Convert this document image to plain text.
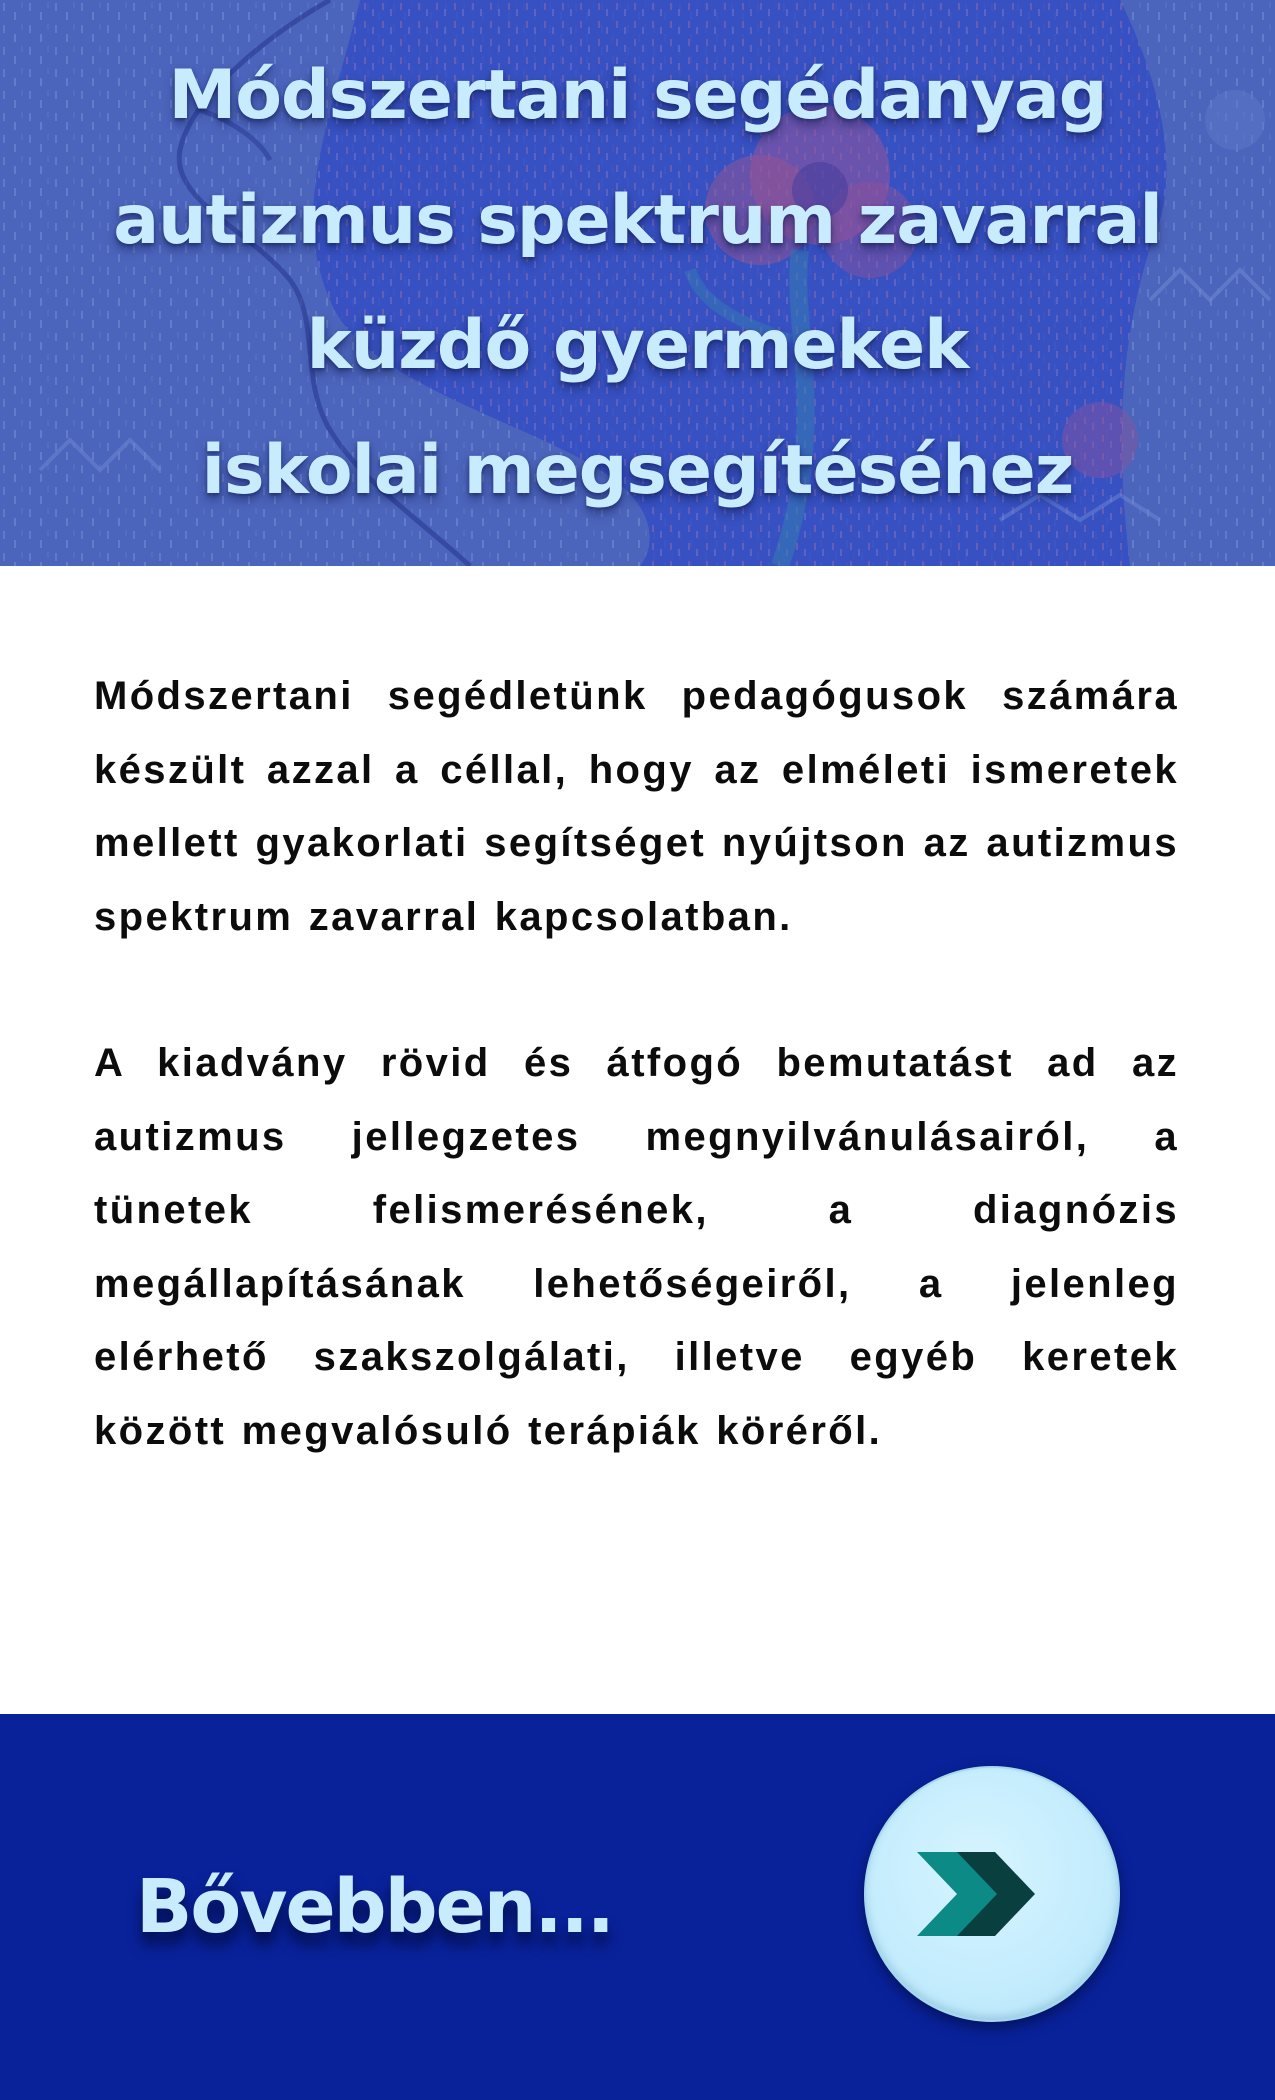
Módszertani segédanyag
autizmus spektrum zavarral
küzdő gyermekek
iskolai megsegítéséhez

Módszertani segédletünk pedagógusok számára készült azzal a céllal, hogy az elméleti ismeretek mellett gyakorlati segítséget nyújtson az autizmus spektrum zavarral kapcsolatban.

A kiadvány rövid és átfogó bemutatást ad az autizmus jellegzetes megnyilvánulásairól, a tünetek felismerésének, a diagnózis megállapításának lehetőségeiről, a jelenleg elérhető szakszolgálati, illetve egyéb keretek között megvalósuló terápiák köréről.

Bővebben...
